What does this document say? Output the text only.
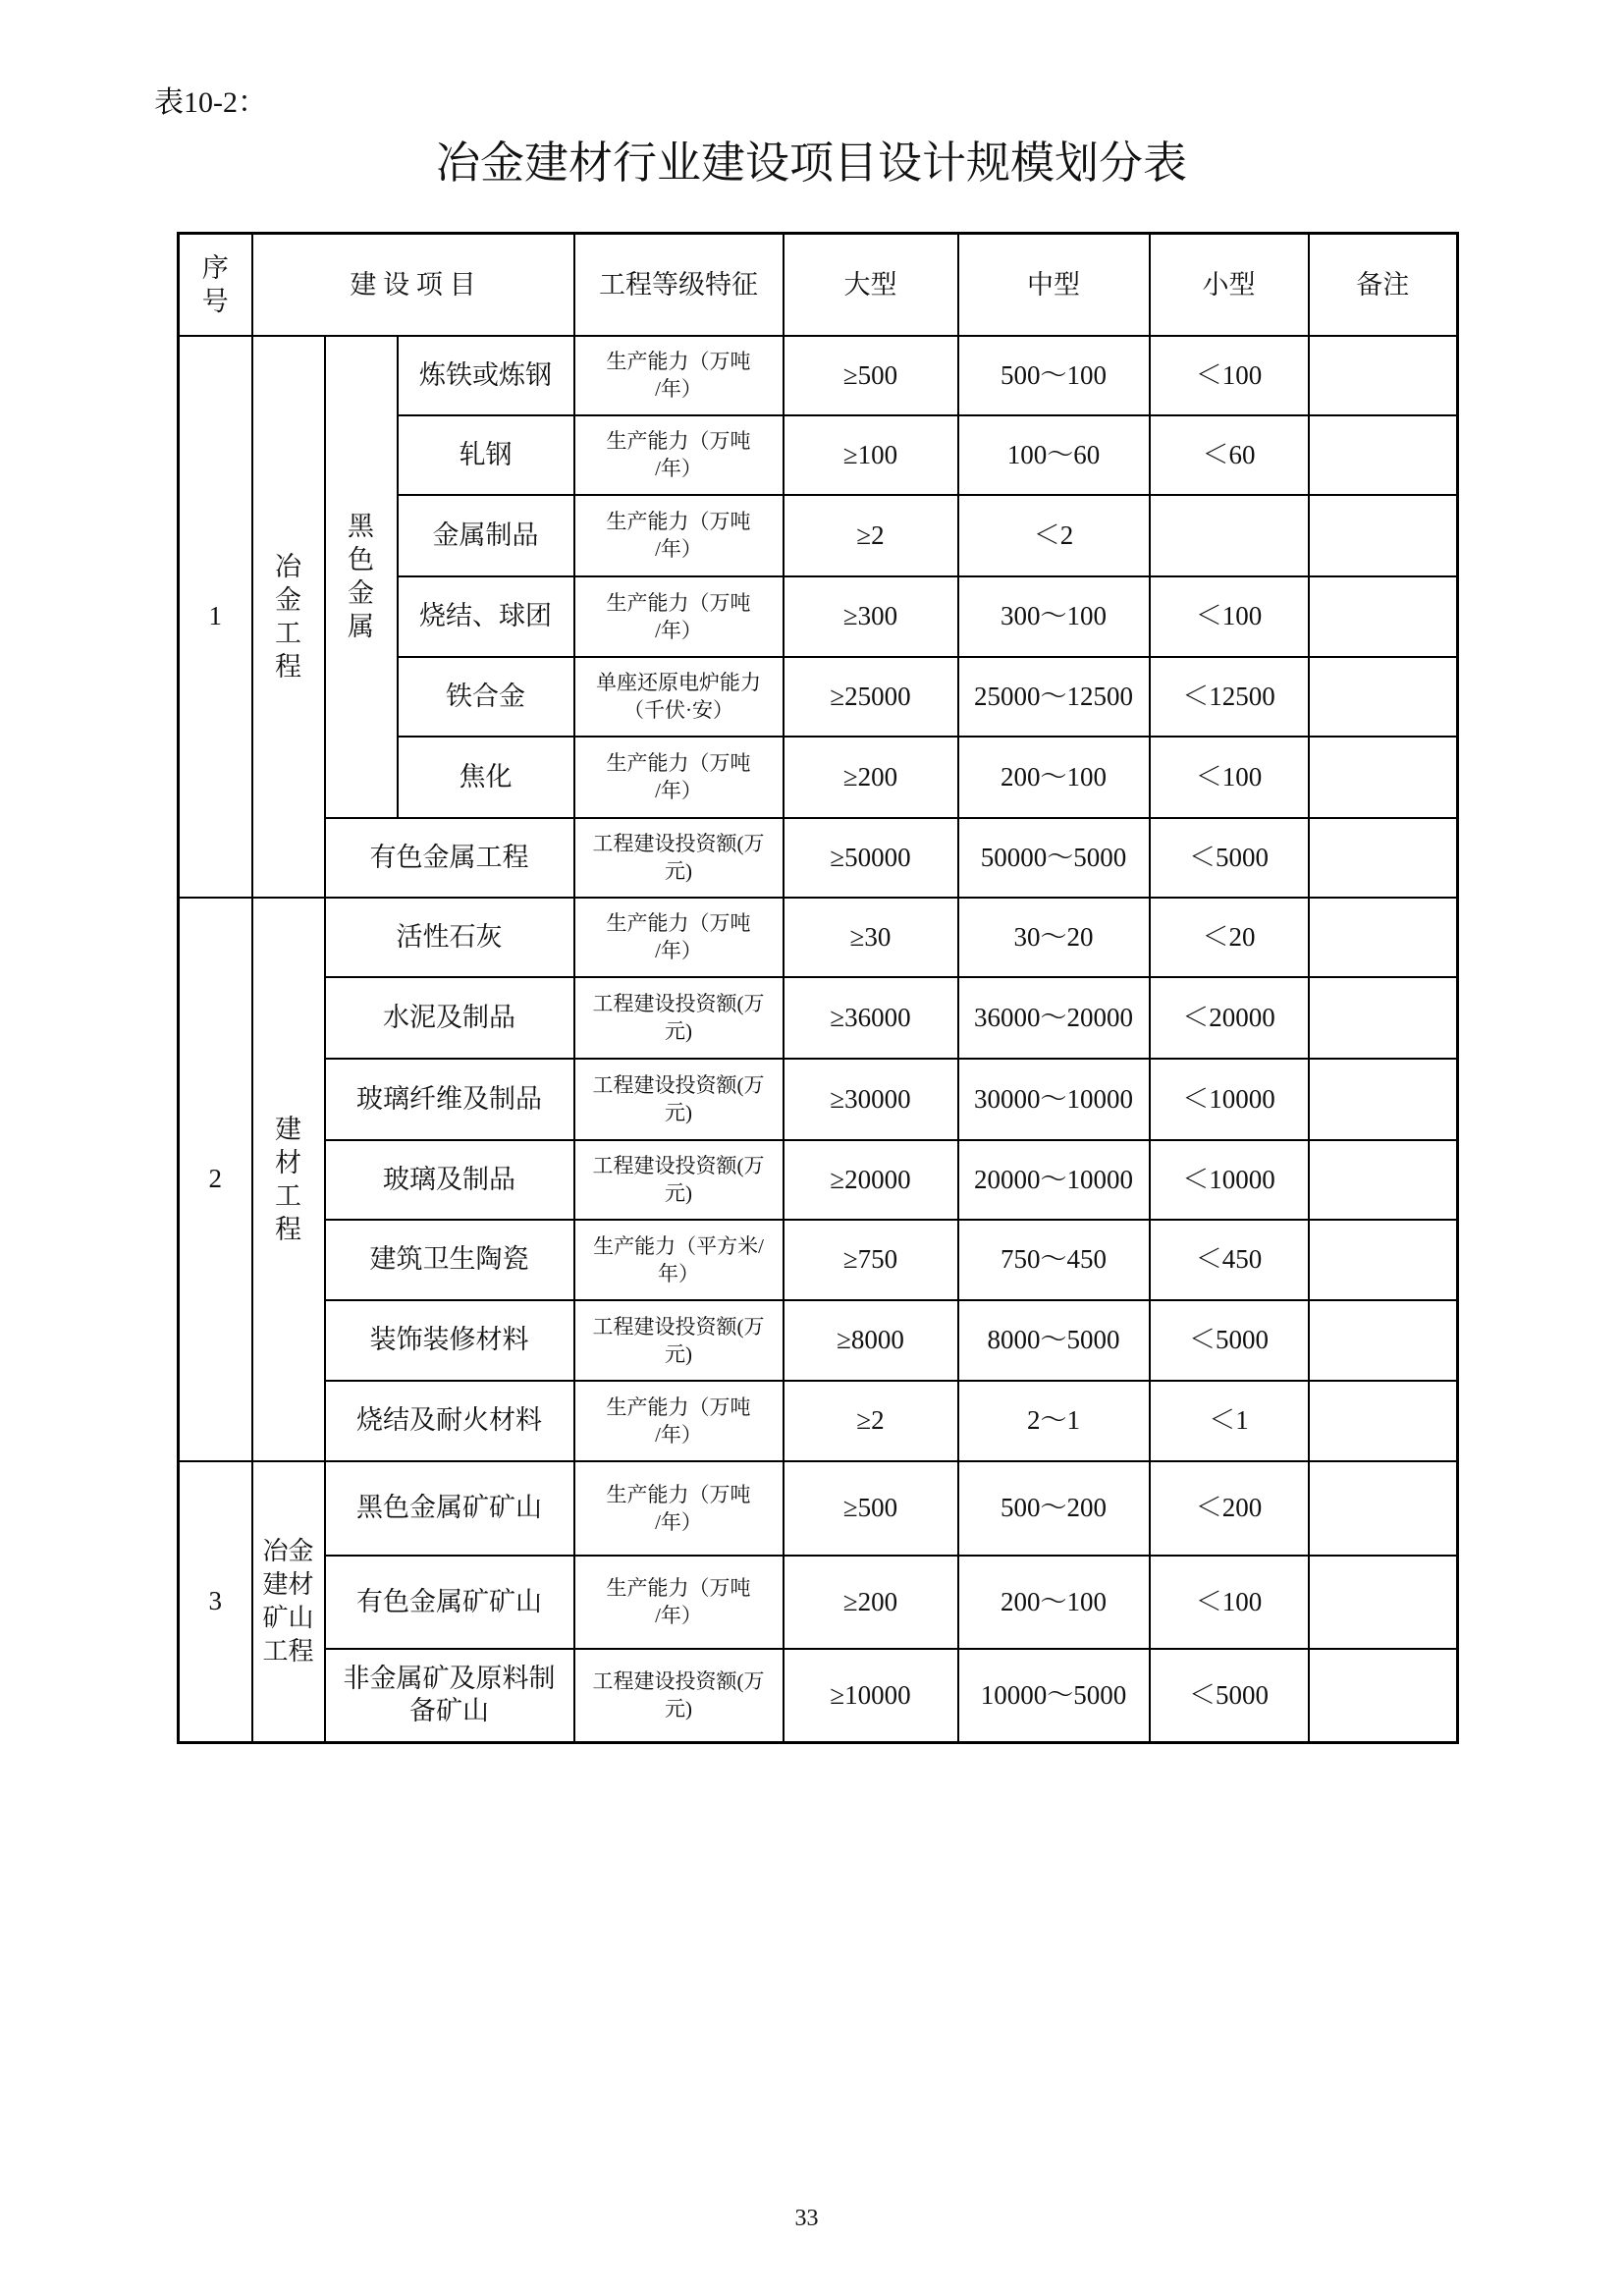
表10-2：
冶金建材行业建设项目设计规模划分表
序号	建 设 项 目			工程等级特征	大型	中型	小型	备注
1	冶金工程	黑色金属	炼铁或炼钢	生产能力（万吨
/年）	≥500	500～100	＜100	
			轧钢	生产能力（万吨
/年）	≥100	100～60	＜60	
			金属制品	生产能力（万吨
/年）	≥2	＜2		
			烧结、球团	生产能力（万吨
/年）	≥300	300～100	＜100	
			铁合金	单座还原电炉能力
（千伏·安）	≥25000	25000～12500	＜12500	
			焦化	生产能力（万吨
/年）	≥200	200～100	＜100	
		有色金属工程		工程建设投资额(万
元)	≥50000	50000～5000	＜5000	
2	建材工程	活性石灰		生产能力（万吨
/年）	≥30	30～20	＜20	
		水泥及制品		工程建设投资额(万
元)	≥36000	36000～20000	＜20000	
		玻璃纤维及制品		工程建设投资额(万
元)	≥30000	30000～10000	＜10000	
		玻璃及制品		工程建设投资额(万
元)	≥20000	20000～10000	＜10000	
		建筑卫生陶瓷		生产能力（平方米/
年）	≥750	750～450	＜450	
		装饰装修材料		工程建设投资额(万
元)	≥8000	8000～5000	＜5000	
		烧结及耐火材料		生产能力（万吨
/年）	≥2	2～1	＜1	
3	冶金建材矿山工程	黑色金属矿矿山		生产能力（万吨
/年）	≥500	500～200	＜200	
		有色金属矿矿山		生产能力（万吨
/年）	≥200	200～100	＜100	
		非金属矿及原料制备矿山		工程建设投资额(万
元)	≥10000	10000～5000	＜5000	
33
